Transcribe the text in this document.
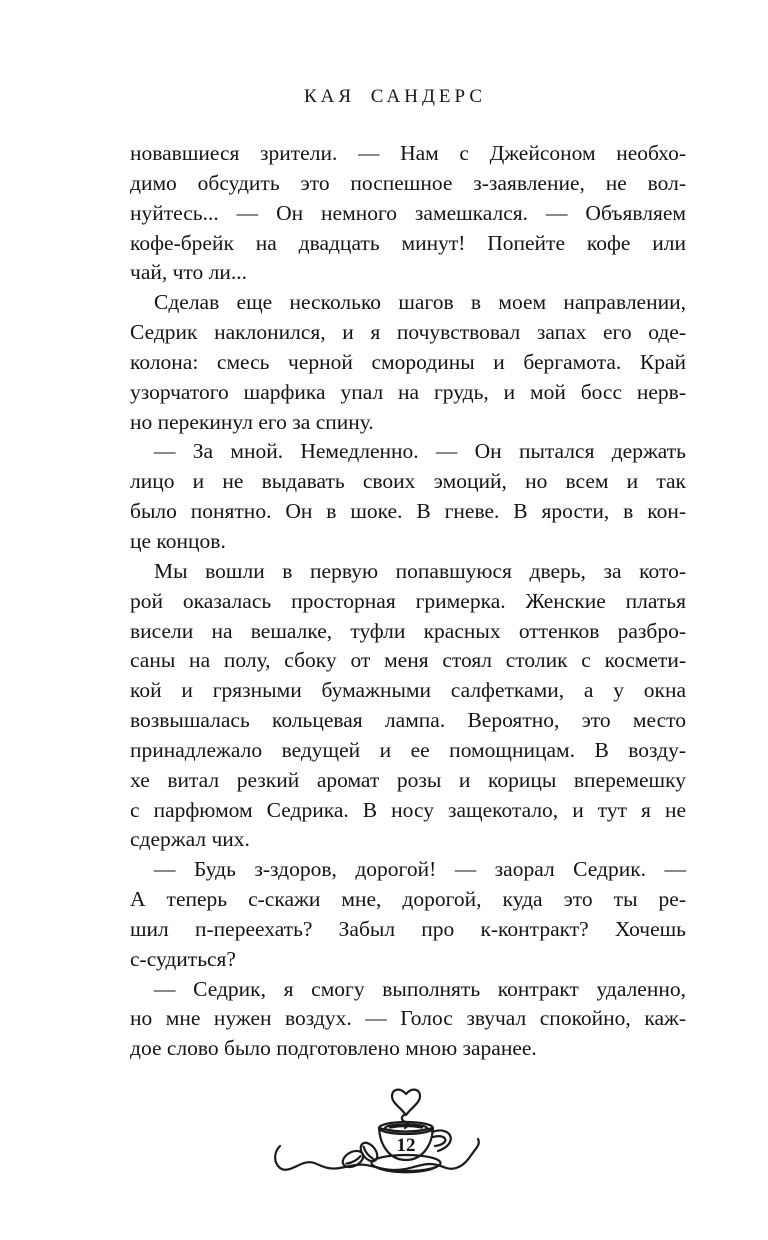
КАЯ САНДЕРС
новавшиеся зрители. — Нам с Джейсоном необхо-
димо обсудить это поспешное з-заявление, не вол-
нуйтесь... — Он немного замешкался. — Объявляем
кофе-брейк на двадцать минут! Попейте кофе или
чай, что ли...
Сделав еще несколько шагов в моем направлении,
Седрик наклонился, и я почувствовал запах его оде-
колона: смесь черной смородины и бергамота. Край
узорчатого шарфика упал на грудь, и мой босс нерв-
но перекинул его за спину.
— За мной. Немедленно. — Он пытался держать
лицо и не выдавать своих эмоций, но всем и так
было понятно. Он в шоке. В гневе. В ярости, в кон-
це концов.
Мы вошли в первую попавшуюся дверь, за кото-
рой оказалась просторная гримерка. Женские платья
висели на вешалке, туфли красных оттенков разбро-
саны на полу, сбоку от меня стоял столик с космети-
кой и грязными бумажными салфетками, а у окна
возвышалась кольцевая лампа. Вероятно, это место
принадлежало ведущей и ее помощницам. В возду-
хе витал резкий аромат розы и корицы вперемешку
с парфюмом Седрика. В носу защекотало, и тут я не
сдержал чих.
— Будь з-здоров, дорогой! — заорал Седрик. —
А теперь с-скажи мне, дорогой, куда это ты ре-
шил п-переехать? Забыл про к-контракт? Хочешь
с-судиться?
— Седрик, я смогу выполнять контракт удаленно,
но мне нужен воздух. — Голос звучал спокойно, каж-
дое слово было подготовлено мною заранее.
12
